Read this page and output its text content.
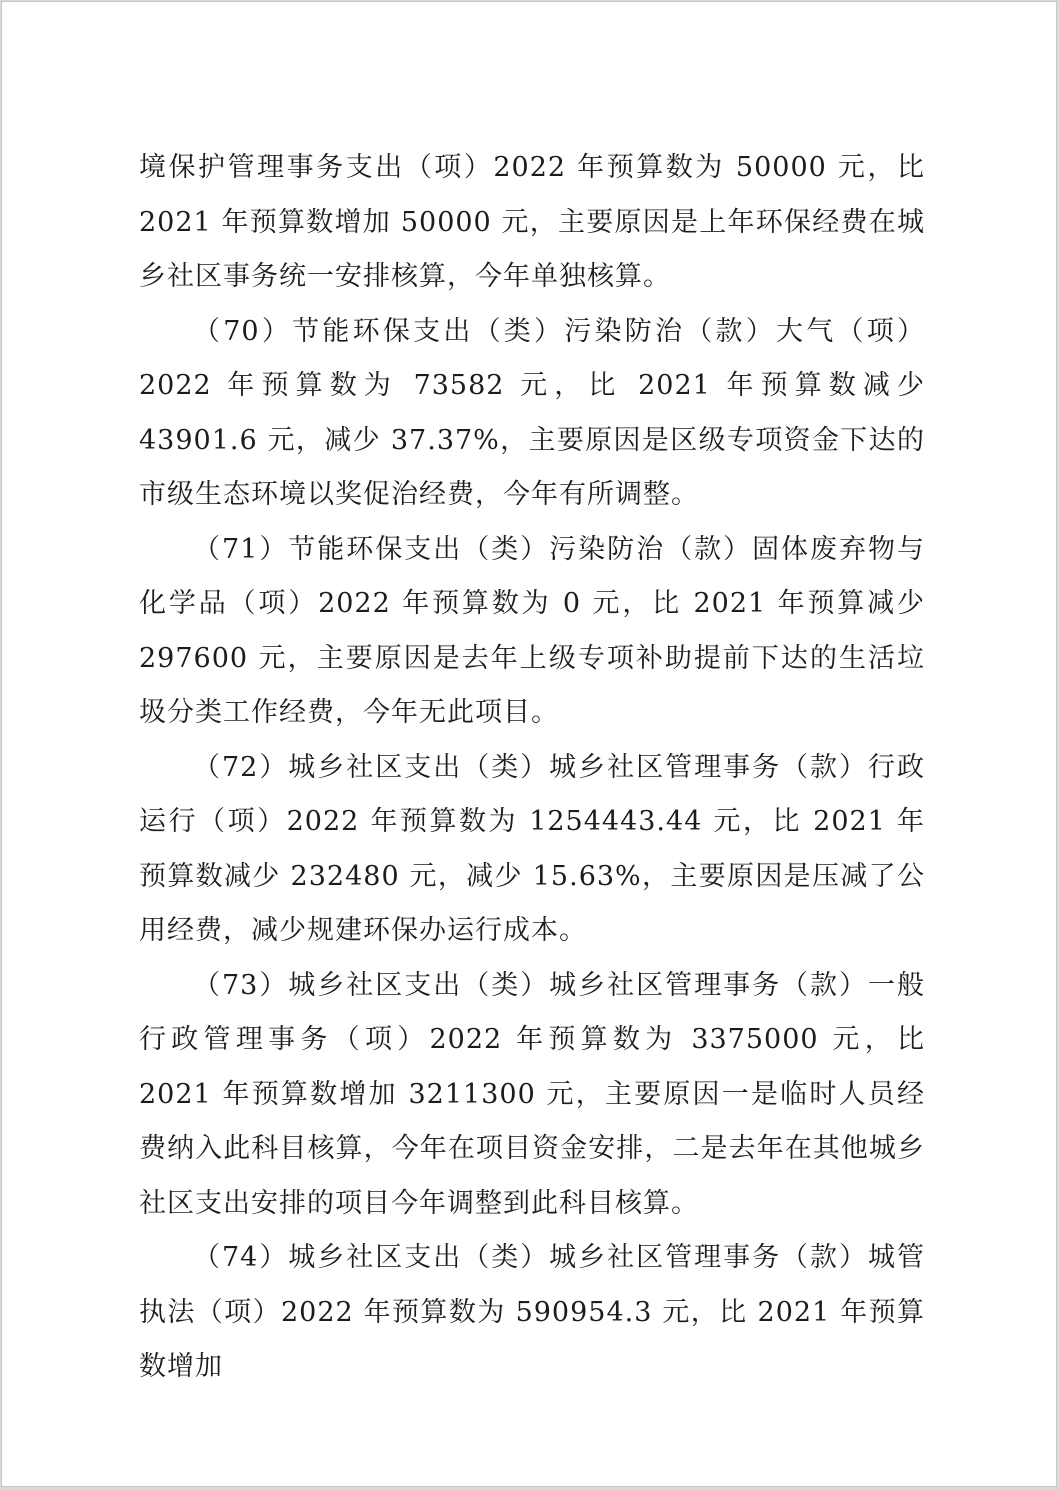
境保护管理事务支出（项）2022 年预算数为 50000 元，比 2021 年预算数增加 50000 元，主要原因是上年环保经费在城乡社区事务统一安排核算，今年单独核算。

（70）节能环保支出（类）污染防治（款）大气（项）2022 年预算数为 73582 元，比 2021 年预算数减少 43901.6 元，减少 37.37%，主要原因是区级专项资金下达的市级生态环境以奖促治经费，今年有所调整。

（71）节能环保支出（类）污染防治（款）固体废弃物与化学品（项）2022 年预算数为 0 元，比 2021 年预算减少 297600 元，主要原因是去年上级专项补助提前下达的生活垃圾分类工作经费，今年无此项目。

（72）城乡社区支出（类）城乡社区管理事务（款）行政运行（项）2022 年预算数为 1254443.44 元，比 2021 年预算数减少 232480 元，减少 15.63%，主要原因是压减了公用经费，减少规建环保办运行成本。

（73）城乡社区支出（类）城乡社区管理事务（款）一般行政管理事务（项）2022 年预算数为 3375000 元，比 2021 年预算数增加 3211300 元，主要原因一是临时人员经费纳入此科目核算，今年在项目资金安排，二是去年在其他城乡社区支出安排的项目今年调整到此科目核算。

（74）城乡社区支出（类）城乡社区管理事务（款）城管执法（项）2022 年预算数为 590954.3 元，比 2021 年预算数增加
